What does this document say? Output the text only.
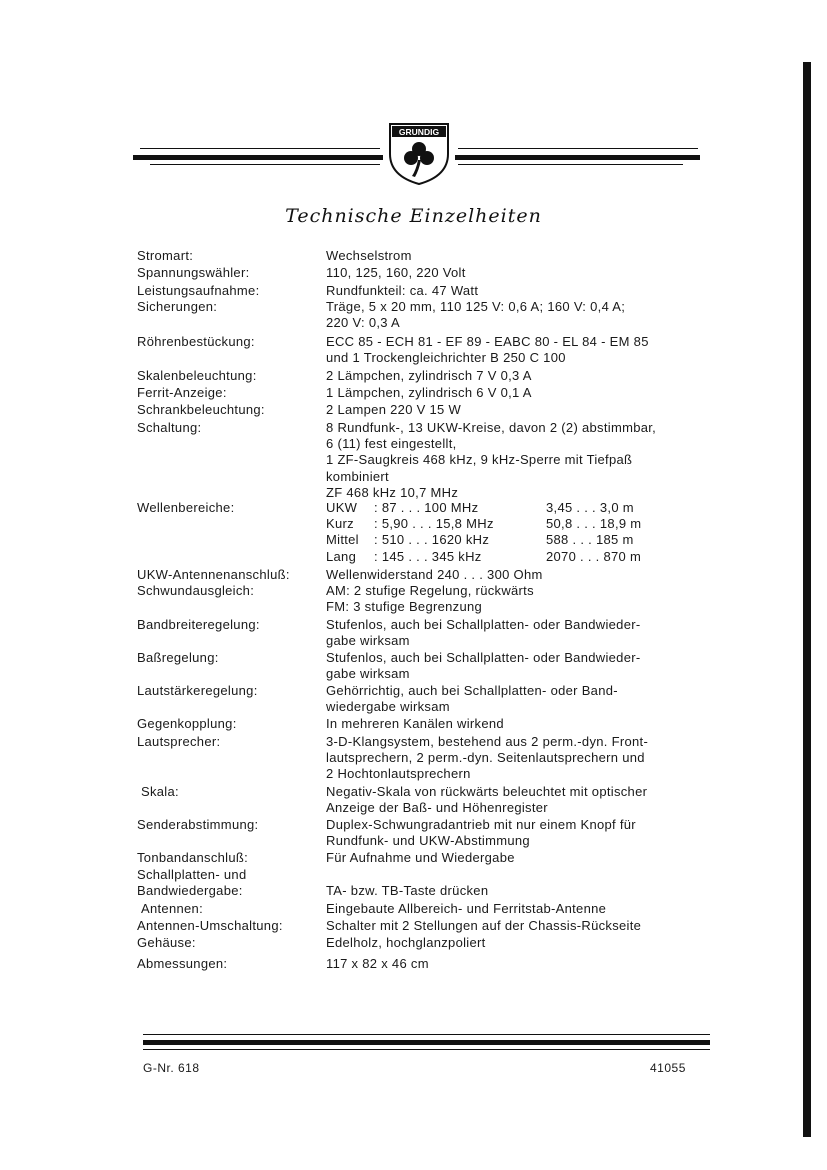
GRUNDIG
Technische Einzelheiten
Stromart:	Wechselstrom
Spannungswähler:	110, 125, 160, 220 Volt
Leistungsaufnahme:	Rundfunkteil: ca. 47 Watt
Sicherungen:	Träge, 5 x 20 mm, 110 125 V: 0,6 A; 160 V: 0,4 A;
220 V: 0,3 A
Röhrenbestückung:	ECC 85 - ECH 81 - EF 89 - EABC 80 - EL 84 - EM 85
und 1 Trockengleichrichter B 250 C 100
Skalenbeleuchtung:	2 Lämpchen, zylindrisch 7 V 0,3 A
Ferrit-Anzeige:	1 Lämpchen, zylindrisch 6 V 0,1 A
Schrankbeleuchtung:	2 Lampen 220 V 15 W
Schaltung:	8 Rundfunk-, 13 UKW-Kreise, davon 2 (2) abstimmbar,
6 (11) fest eingestellt,
1 ZF-Saugkreis 468 kHz, 9 kHz-Sperre mit Tiefpaß
kombiniert
ZF 468 kHz 10,7 MHz
UKW-Antennenanschluß:	Wellenwiderstand 240 . . . 300 Ohm
Schwundausgleich:	AM: 2 stufige Regelung, rückwärts
FM: 3 stufige Begrenzung
Bandbreiteregelung:	Stufenlos, auch bei Schallplatten- oder Bandwieder-
gabe wirksam
Baßregelung:	Stufenlos, auch bei Schallplatten- oder Bandwieder-
gabe wirksam
Lautstärkeregelung:	Gehörrichtig, auch bei Schallplatten- oder Band-
wiedergabe wirksam
Gegenkopplung:	In mehreren Kanälen wirkend
Lautsprecher:	3-D-Klangsystem, bestehend aus 2 perm.-dyn. Front-
lautsprechern, 2 perm.-dyn. Seitenlautsprechern und
2 Hochtonlautsprechern
Skala:	Negativ-Skala von rückwärts beleuchtet mit optischer
Anzeige der Baß- und Höhenregister
Senderabstimmung:	Duplex-Schwungradantrieb mit nur einem Knopf für
Rundfunk- und UKW-Abstimmung
Tonbandanschluß:	Für Aufnahme und Wiedergabe
Schallplatten- und
Bandwiedergabe:	TA- bzw. TB-Taste drücken
Antennen:	Eingebaute Allbereich- und Ferritstab-Antenne
Antennen-Umschaltung:	Schalter mit 2 Stellungen auf der Chassis-Rückseite
Gehäuse:	Edelholz, hochglanzpoliert
Abmessungen:	117 x 82 x 46 cm
Wellenbereiche:	UKW : 87 . . . 100 MHz	3,45 . . . 3,0 m
Kurz : 5,90 . . . 15,8 MHz	50,8 . . . 18,9 m
Mittel : 510 . . . 1620 kHz	588 . . . 185 m
Lang : 145 . . . 345 kHz	2070 . . . 870 m
G-Nr. 618	41055
